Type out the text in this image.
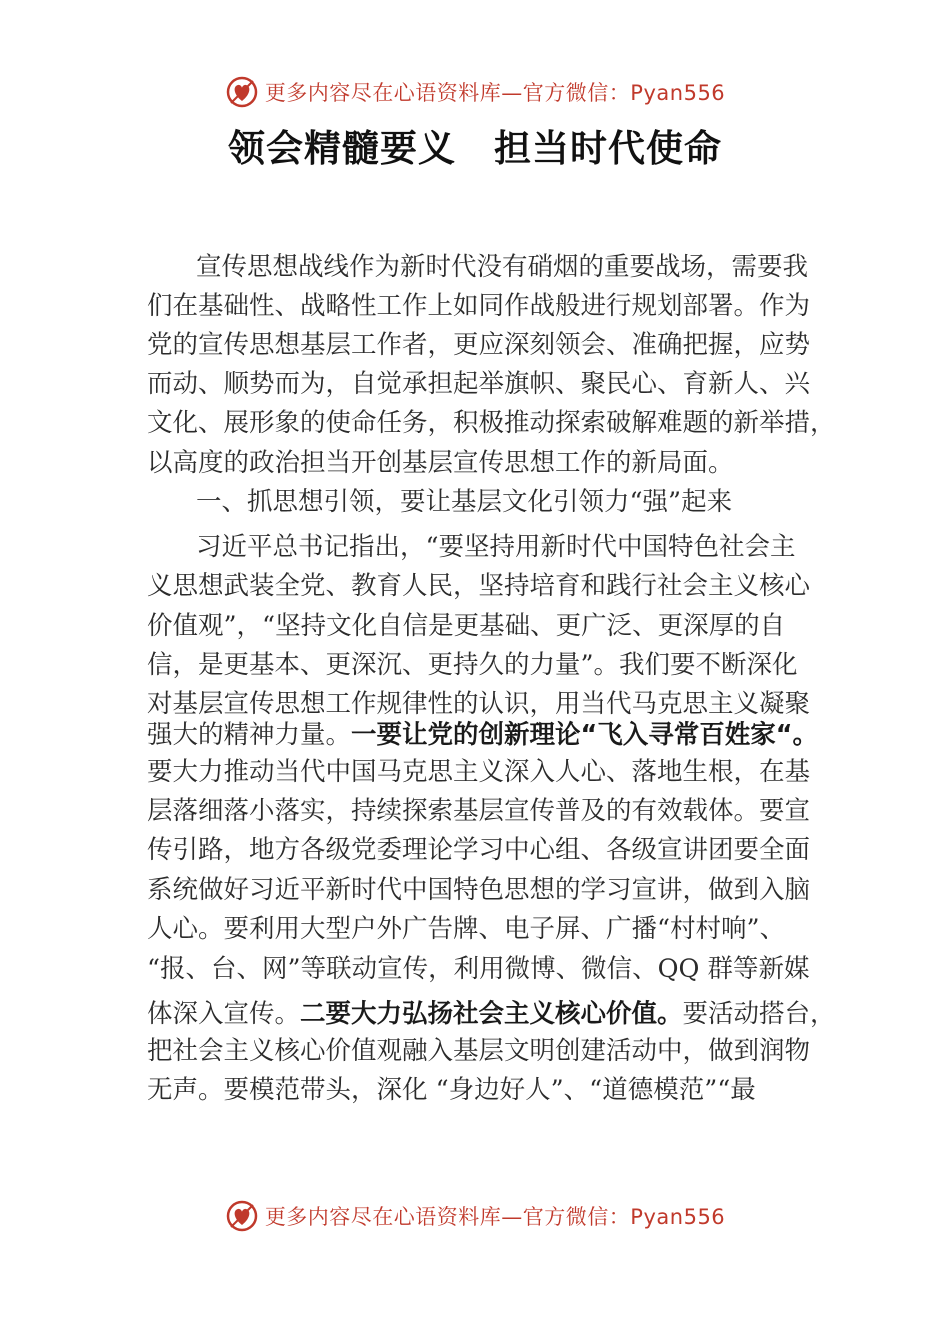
更多内容尽在心语资料库—官方微信：Pyan556
领会精髓要义　担当时代使命
宣传思想战线作为新时代没有硝烟的重要战场，需要我
们在基础性、战略性工作上如同作战般进行规划部署。作为
党的宣传思想基层工作者，更应深刻领会、准确把握，应势
而动、顺势而为，自觉承担起举旗帜、聚民心、育新人、兴
文化、展形象的使命任务，积极推动探索破解难题的新举措，
以高度的政治担当开创基层宣传思想工作的新局面。
一、抓思想引领，要让基层文化引领力“强”起来
习近平总书记指出，“要坚持用新时代中国特色社会主
义思想武装全党、教育人民，坚持培育和践行社会主义核心
价值观”，“坚持文化自信是更基础、更广泛、更深厚的自
信，是更基本、更深沉、更持久的力量”。我们要不断深化
对基层宣传思想工作规律性的认识，用当代马克思主义凝聚
强大的精神力量。一要让党的创新理论“飞入寻常百姓家“。
要大力推动当代中国马克思主义深入人心、落地生根，在基
层落细落小落实，持续探索基层宣传普及的有效载体。要宣
传引路，地方各级党委理论学习中心组、各级宣讲团要全面
系统做好习近平新时代中国特色思想的学习宣讲，做到入脑
人心。要利用大型户外广告牌、电子屏、广播“村村响”、
“报、台、网”等联动宣传，利用微博、微信、QQ 群等新媒
体深入宣传。二要大力弘扬社会主义核心价值。要活动搭台，
把社会主义核心价值观融入基层文明创建活动中，做到润物
无声。要模范带头，深化 “身边好人”、“道德模范”“最
更多内容尽在心语资料库—官方微信：Pyan556
